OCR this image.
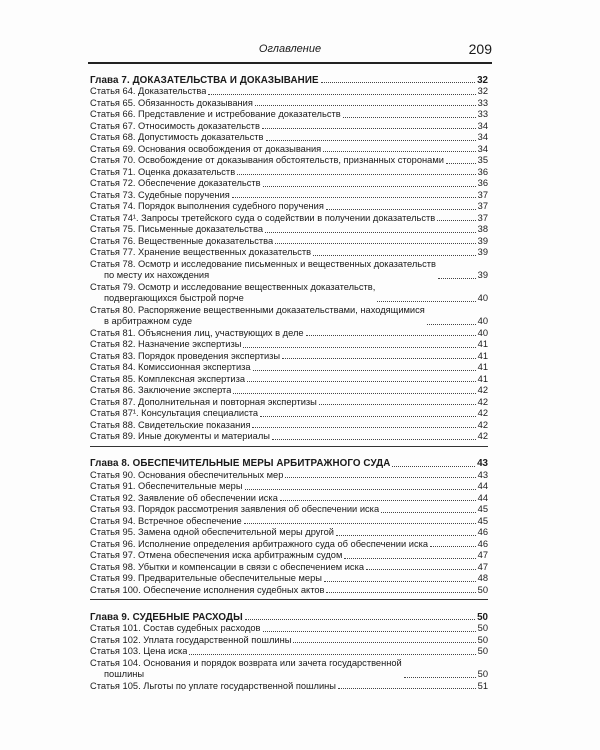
Оглавление	209
Глава 7. ДОКАЗАТЕЛЬСТВА И ДОКАЗЫВАНИЕ	32
Статья 64. Доказательства	32
Статья 65. Обязанность доказывания	33
Статья 66. Представление и истребование доказательств	33
Статья 67. Относимость доказательств	34
Статья 68. Допустимость доказательств	34
Статья 69. Основания освобождения от доказывания	34
Статья 70. Освобождение от доказывания обстоятельств, признанных сторонами	35
Статья 71. Оценка доказательств	36
Статья 72. Обеспечение доказательств	36
Статья 73. Судебные поручения	37
Статья 74. Порядок выполнения судебного поручения	37
Статья 74¹. Запросы третейского суда о содействии в получении доказательств	37
Статья 75. Письменные доказательства	38
Статья 76. Вещественные доказательства	39
Статья 77. Хранение вещественных доказательств	39
Статья 78. Осмотр и исследование письменных и вещественных доказательств
по месту их нахождения	39
Статья 79. Осмотр и исследование вещественных доказательств,
подвергающихся быстрой порче	40
Статья 80. Распоряжение вещественными доказательствами, находящимися
в арбитражном суде	40
Статья 81. Объяснения лиц, участвующих в деле	40
Статья 82. Назначение экспертизы	41
Статья 83. Порядок проведения экспертизы	41
Статья 84. Комиссионная экспертиза	41
Статья 85. Комплексная экспертиза	41
Статья 86. Заключение эксперта	42
Статья 87. Дополнительная и повторная экспертизы	42
Статья 87¹. Консультация специалиста	42
Статья 88. Свидетельские показания	42
Статья 89. Иные документы и материалы	42
Глава 8. ОБЕСПЕЧИТЕЛЬНЫЕ МЕРЫ АРБИТРАЖНОГО СУДА	43
Статья 90. Основания обеспечительных мер	43
Статья 91. Обеспечительные меры	44
Статья 92. Заявление об обеспечении иска	44
Статья 93. Порядок рассмотрения заявления об обеспечении иска	45
Статья 94. Встречное обеспечение	45
Статья 95. Замена одной обеспечительной меры другой	46
Статья 96. Исполнение определения арбитражного суда об обеспечении иска	46
Статья 97. Отмена обеспечения иска арбитражным судом	47
Статья 98. Убытки и компенсации в связи с обеспечением иска	47
Статья 99. Предварительные обеспечительные меры	48
Статья 100. Обеспечение исполнения судебных актов	50
Глава 9. СУДЕБНЫЕ РАСХОДЫ	50
Статья 101. Состав судебных расходов	50
Статья 102. Уплата государственной пошлины	50
Статья 103. Цена иска	50
Статья 104. Основания и порядок возврата или зачета государственной
пошлины	50
Статья 105. Льготы по уплате государственной пошлины	51
